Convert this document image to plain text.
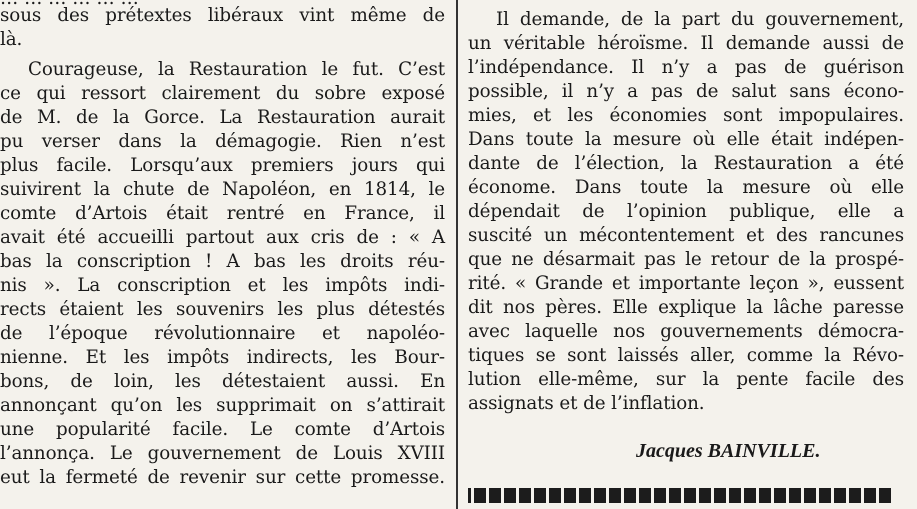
sous des prétextes libéraux vint même de
là.
Courageuse, la Restauration le fut. C’est
ce qui ressort clairement du sobre exposé
de M. de la Gorce. La Restauration aurait
pu verser dans la démagogie. Rien n’est
plus facile. Lorsqu’aux premiers jours qui
suivirent la chute de Napoléon, en 1814, le
comte d’Artois était rentré en France, il
avait été accueilli partout aux cris de : « A
bas la conscription ! A bas les droits réu-
nis ». La conscription et les impôts indi-
rects étaient les souvenirs les plus détestés
de l’époque révolutionnaire et napoléo-
nienne. Et les impôts indirects, les Bour-
bons, de loin, les détestaient aussi. En
annonçant qu’on les supprimait on s’attirait
une popularité facile. Le comte d’Artois
l’annonça. Le gouvernement de Louis XVIII
eut la fermeté de revenir sur cette promesse.
Il demande, de la part du gouvernement,
un véritable héroïsme. Il demande aussi de
l’indépendance. Il n’y a pas de guérison
possible, il n’y a pas de salut sans écono-
mies, et les économies sont impopulaires.
Dans toute la mesure où elle était indépen-
dante de l’élection, la Restauration a été
économe. Dans toute la mesure où elle
dépendait de l’opinion publique, elle a
suscité un mécontentement et des rancunes
que ne désarmait pas le retour de la prospé-
rité. « Grande et importante leçon », eussent
dit nos pères. Elle explique la lâche paresse
avec laquelle nos gouvernements démocra-
tiques se sont laissés aller, comme la Révo-
lution elle-même, sur la pente facile des
assignats et de l’inflation.
Jacques BAINVILLE.
